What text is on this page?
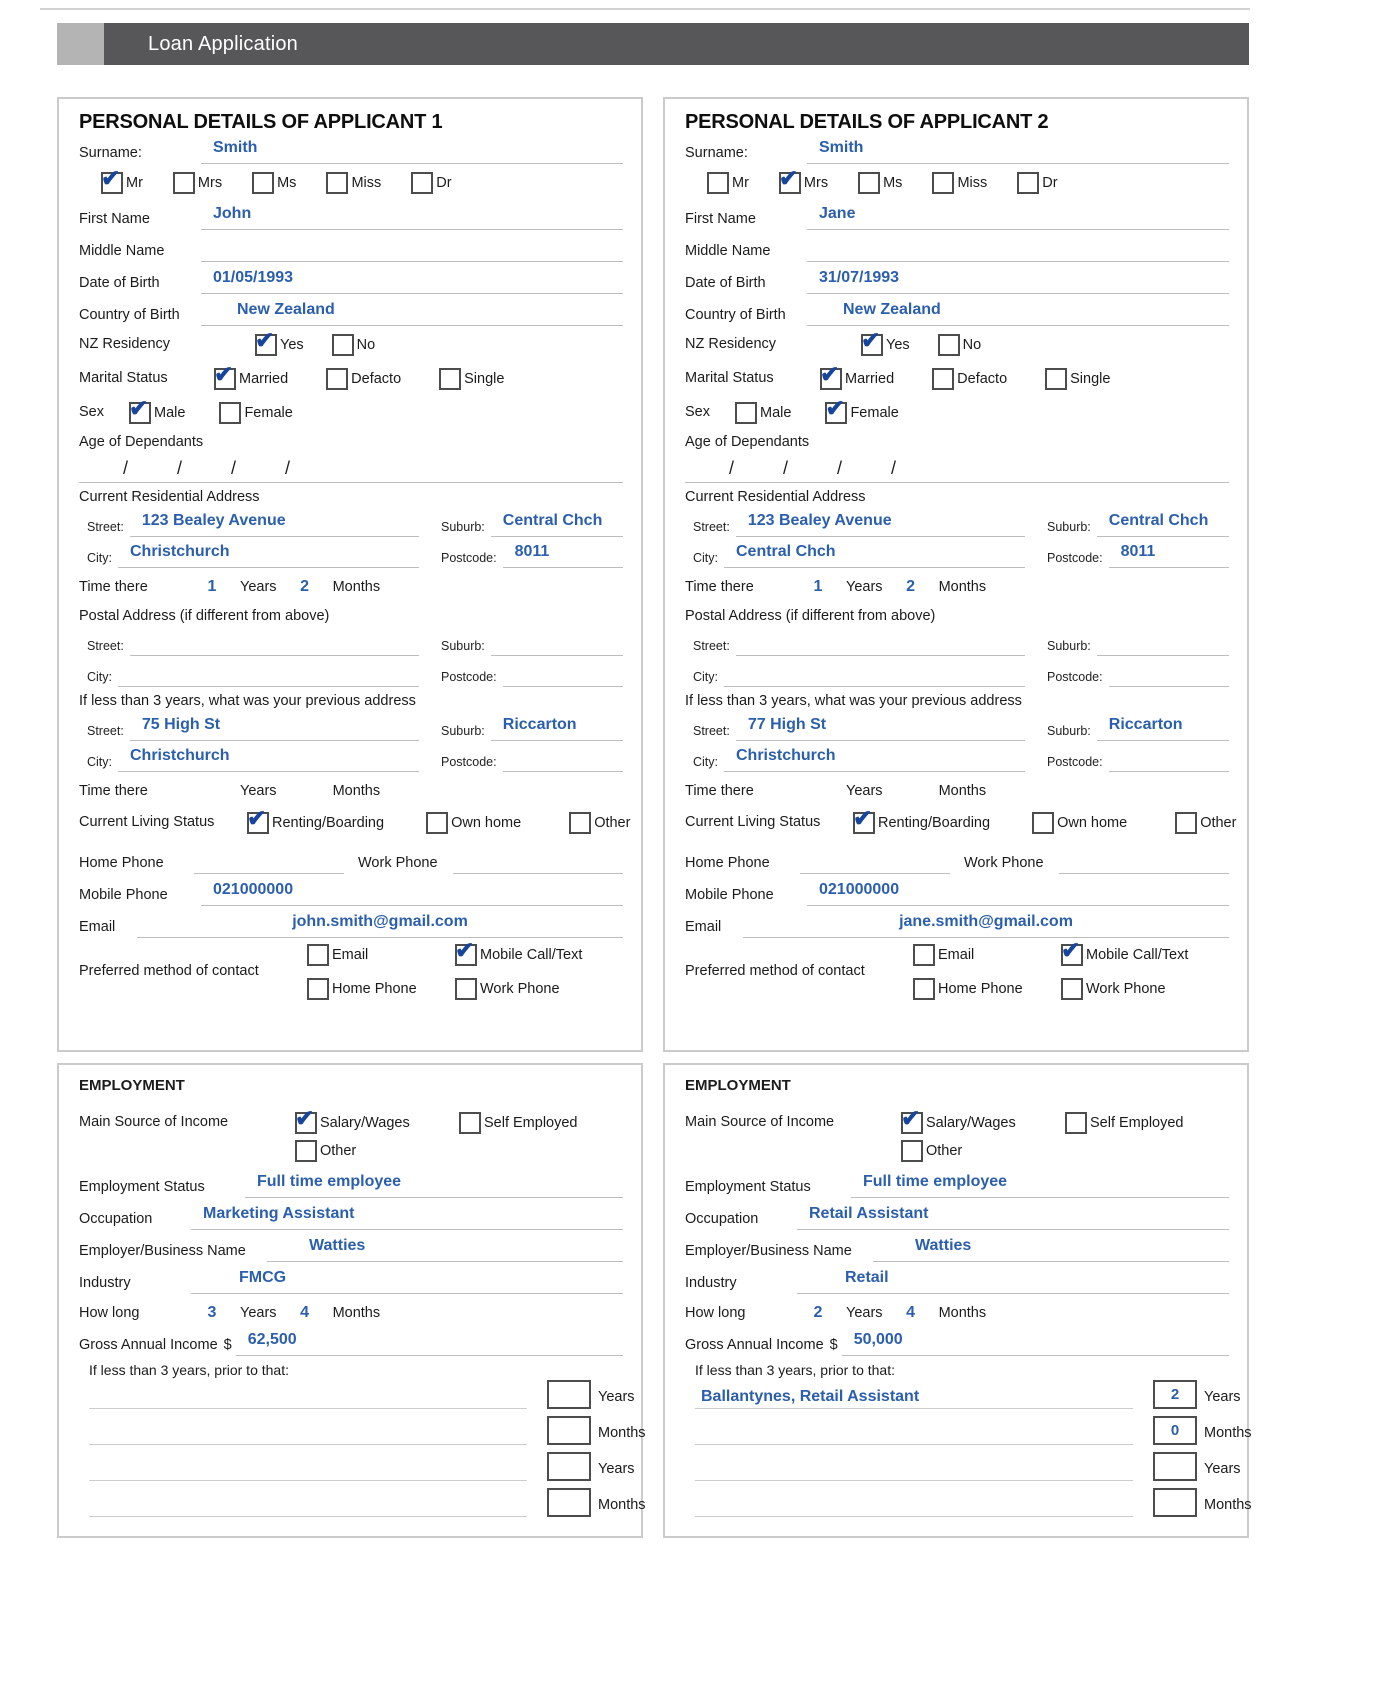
Loan Application
PERSONAL DETAILS OF APPLICANT 1
Surname:	Smith
✔
Mr	Mrs	Ms	Miss	Dr
First Name	John
Middle Name
Date of Birth	01/05/1993
Country of Birth	New Zealand
NZ Residency ✔	Yes	No
Marital Status ✔	Married	Defacto	Single
Sex ✔	Male	Female
Age of Dependants
/ / / /
Current Residential Address
Street:	123 Bealey Avenue	Suburb:	Central Chch
City:	Christchurch	Postcode:	8011
Time there	1	Years	2	Months
Postal Address (if different from above)
Street:	Suburb:
City:	Postcode:
If less than 3 years, what was your previous address
Street:	75 High St	Suburb:	Riccarton
City:	Christchurch	Postcode:
Time there	Years	Months
Current Living Status ✔	Renting/Boarding	Own home	Other
Home Phone	Work Phone
Mobile Phone	021000000
Email	john.smith@gmail.com
Preferred method of contact
Email ✔	Mobile Call/Text
Home Phone	Work Phone
EMPLOYMENT
Main Source of Income ✔	Salary/Wages	Self Employed
Other
Employment Status	Full time employee
Occupation	Marketing Assistant
Employer/Business Name	Watties
Industry	FMCG
How long	3	Years	4	Months
Gross Annual Income $	62,500
If less than 3 years, prior to that:
Years
Months
Years
Months
PERSONAL DETAILS OF APPLICANT 2
Surname:	Smith
Mr ✔	Mrs	Ms	Miss	Dr
First Name	Jane
Middle Name
Date of Birth	31/07/1993
Country of Birth	New Zealand
NZ Residency ✔	Yes	No
Marital Status ✔	Married	Defacto	Single
Sex	Male ✔	Female
Age of Dependants
/ / / /
Current Residential Address
Street:	123 Bealey Avenue	Suburb:	Central Chch
City:	Central Chch	Postcode:	8011
Time there	1	Years	2	Months
Postal Address (if different from above)
Street:	Suburb:
City:	Postcode:
If less than 3 years, what was your previous address
Street:	77 High St	Suburb:	Riccarton
City:	Christchurch	Postcode:
Time there	Years	Months
Current Living Status ✔	Renting/Boarding	Own home	Other
Home Phone	Work Phone
Mobile Phone	021000000
Email	jane.smith@gmail.com
Preferred method of contact
Email ✔	Mobile Call/Text
Home Phone	Work Phone
EMPLOYMENT
Main Source of Income ✔	Salary/Wages	Self Employed
Other
Employment Status	Full time employee
Occupation	Retail Assistant
Employer/Business Name	Watties
Industry	Retail
How long	2	Years	4	Months
Gross Annual Income $	50,000
If less than 3 years, prior to that:
Ballantynes, Retail Assistant	2	Years
0	Months
Years
Months
